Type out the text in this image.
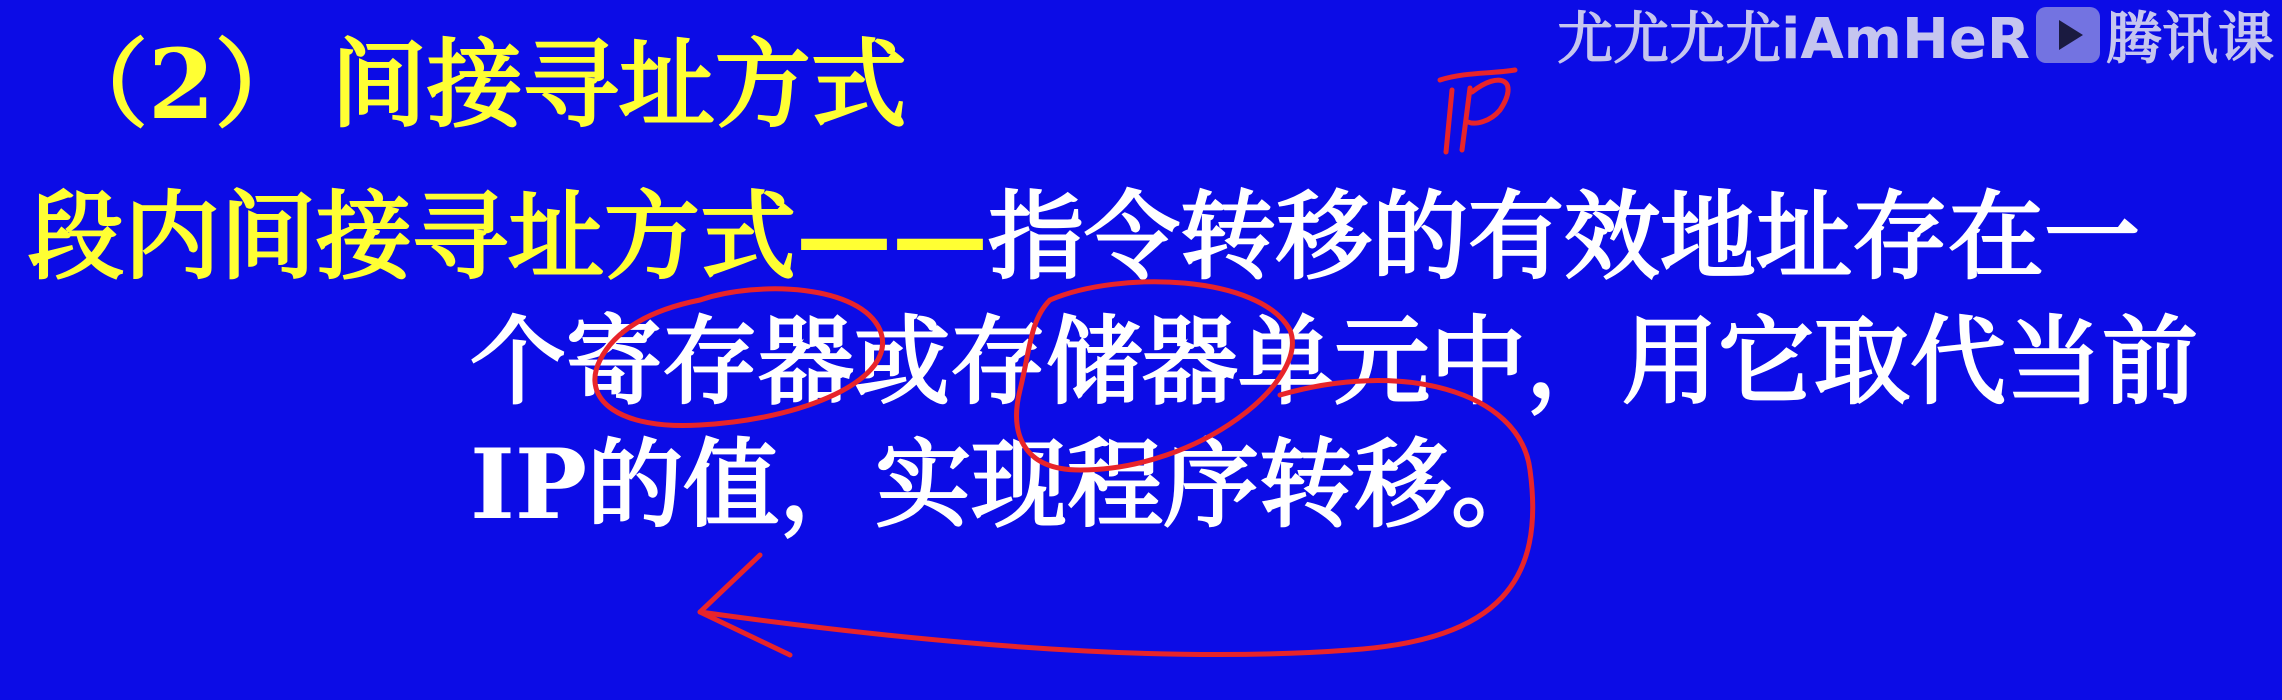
（2） 间接寻址方式
段内间接寻址方式——指令转移的有效地址存在一
个寄存器或存储器单元中，用它取代当前
IP的值，实现程序转移。
尤尤尤尤iAmHeR 腾讯课
